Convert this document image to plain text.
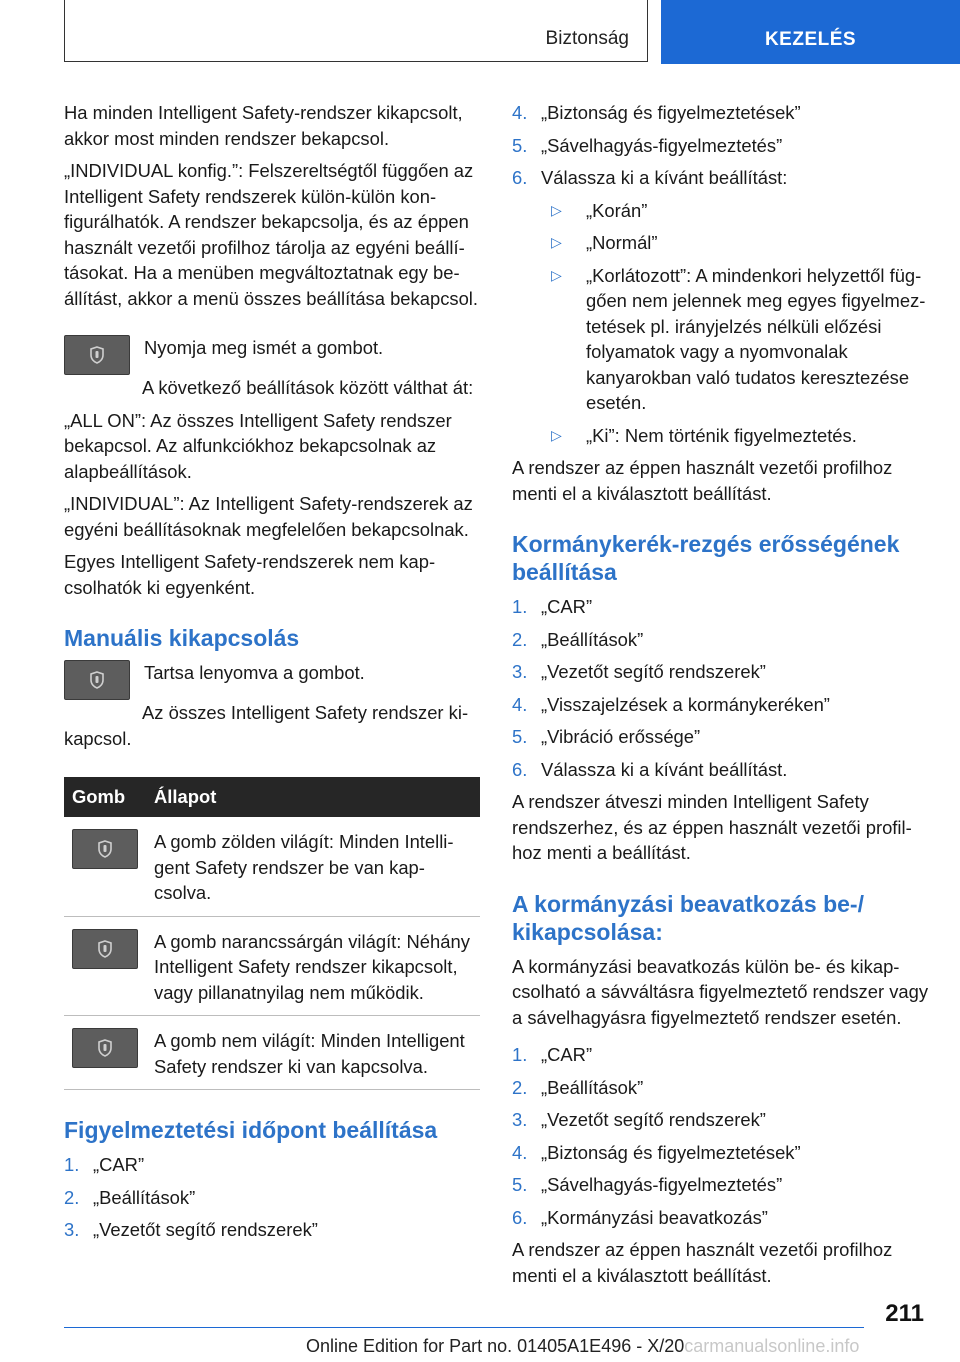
Biztonság	KEZELÉS

Ha minden Intelligent Safety-rendszer kikapcsolt, akkor most minden rendszer bekapcsol.

„INDIVIDUAL konfig.”: Felszereltségtől függően az Intelligent Safety rendszerek külön-külön konfigurálhatók. A rendszer bekapcsolja, és az éppen használt vezetői profilhoz tárolja az egyéni beállításokat. Ha a menüben megváltoztatnak egy beállítást, akkor a menü összes beállítása bekapcsol.

Nyomja meg ismét a gombot.

A következő beállítások között válthat át:

„ALL ON”: Az összes Intelligent Safety rendszer bekapcsol. Az alfunkciókhoz bekapcsolnak az alapbeállítások.

„INDIVIDUAL”: Az Intelligent Safety-rendszerek az egyéni beállításoknak megfelelően bekapcsolnak.

Egyes Intelligent Safety-rendszerek nem kapcsolhatók ki egyenként.

Manuális kikapcsolás

Tartsa lenyomva a gombot.

Az összes Intelligent Safety rendszer kikapcsol.

Gomb	Állapot

	A gomb zölden világít: Minden Intelligent Safety rendszer be van kapcsolva.

	A gomb narancssárgán világít: Néhány Intelligent Safety rendszer kikapcsolt, vagy pillanatnyilag nem működik.

	A gomb nem világít: Minden Intelligent Safety rendszer ki van kapcsolva.
Figyelmeztetési időpont beállítása
1. „CAR”
2. „Beállítások”
3. „Vezetőt segítő rendszerek”
4. „Biztonság és figyelmeztetések”
5. „Sávelhagyás-figyelmeztetés”
6. Válassza ki a kívánt beállítást:
▷	„Korán”
▷	„Normál”
▷	„Korlátozott”: A mindenkori helyzettől függően nem jelennek meg egyes figyelmeztetések pl. irányjelzés nélküli előzési folyamatok vagy a nyomvonalak kanyarokban való tudatos keresztezése esetén.
▷	„Ki”: Nem történik figyelmeztetés.

A rendszer az éppen használt vezetői profilhoz menti el a kiválasztott beállítást.

Kormánykerék-rezgés erősségének beállítása
1. „CAR”
2. „Beállítások”
3. „Vezetőt segítő rendszerek”
4. „Visszajelzések a kormánykeréken”
5. „Vibráció erőssége”
6. Válassza ki a kívánt beállítást.

A rendszer átveszi minden Intelligent Safety rendszerhez, és az éppen használt vezetői profilhoz menti a beállítást.

A kormányzási beavatkozás be-/ kikapcsolása:

A kormányzási beavatkozás külön be- és kikapcsolható a sávváltásra figyelmeztető rendszer vagy a sávelhagyásra figyelmeztető rendszer esetén.

1. „CAR”
2. „Beállítások”
3. „Vezetőt segítő rendszerek”
4. „Biztonság és figyelmeztetések”
5. „Sávelhagyás-figyelmeztetés”
6. „Kormányzási beavatkozás”

A rendszer az éppen használt vezetői profilhoz menti el a kiválasztott beállítást.

211
Online Edition for Part no. 01405A1E496 - X/20carmanualsonline.info
